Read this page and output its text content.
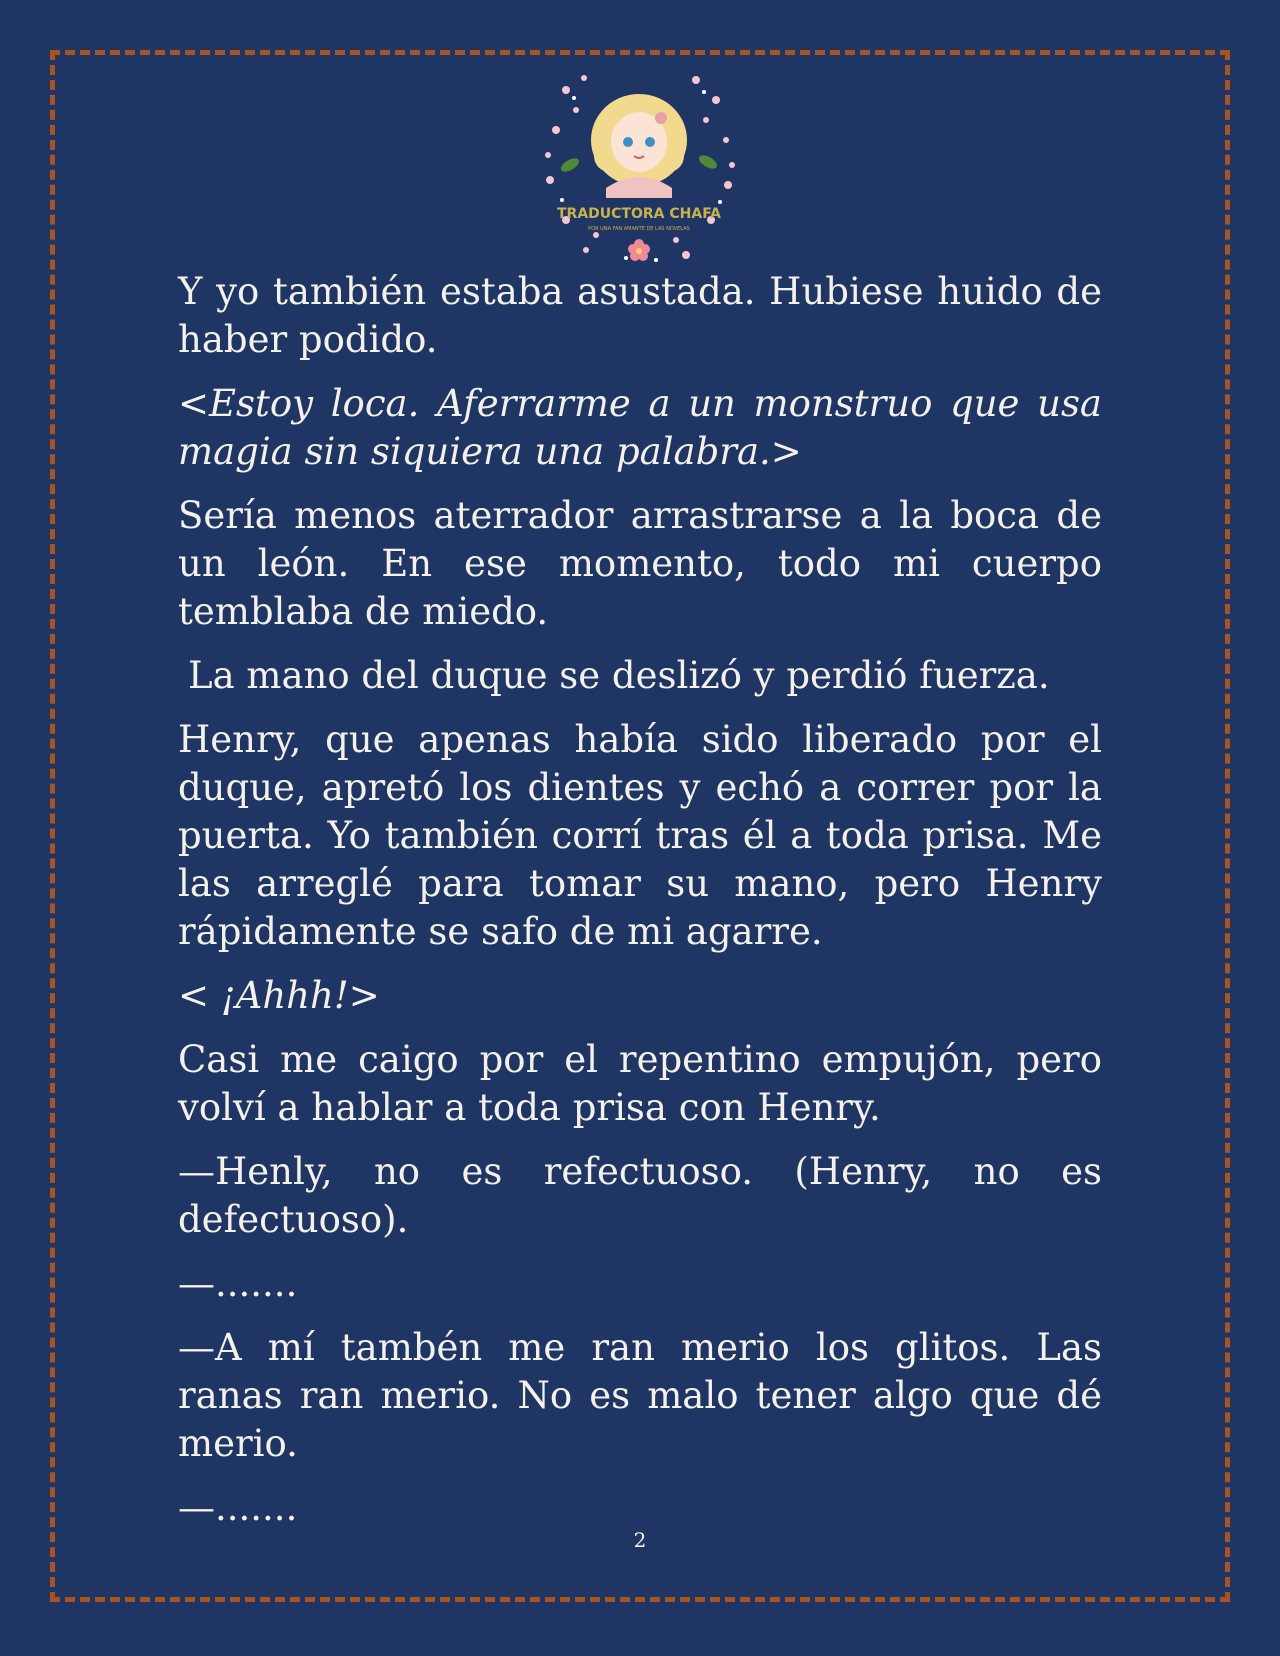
TRADUCTORA CHAFA
POR UNA FAN AMANTE DE LAS NOVELAS

Y yo también estaba asustada. Hubiese huido de haber podido.

<Estoy loca. Aferrarme a un monstruo que usa magia sin siquiera una palabra.>

Sería menos aterrador arrastrarse a la boca de un león. En ese momento, todo mi cuerpo temblaba de miedo.

La mano del duque se deslizó y perdió fuerza.

Henry, que apenas había sido liberado por el duque, apretó los dientes y echó a correr por la puerta. Yo también corrí tras él a toda prisa. Me las arreglé para tomar su mano, pero Henry rápidamente se safo de mi agarre.

< ¡Ahhh!>

Casi me caigo por el repentino empujón, pero volví a hablar a toda prisa con Henry.

—Henly, no es refectuoso. (Henry, no es defectuoso).

—.......

—A mí tambén me ran merio los glitos. Las ranas ran merio. No es malo tener algo que dé merio.

—.......

2
